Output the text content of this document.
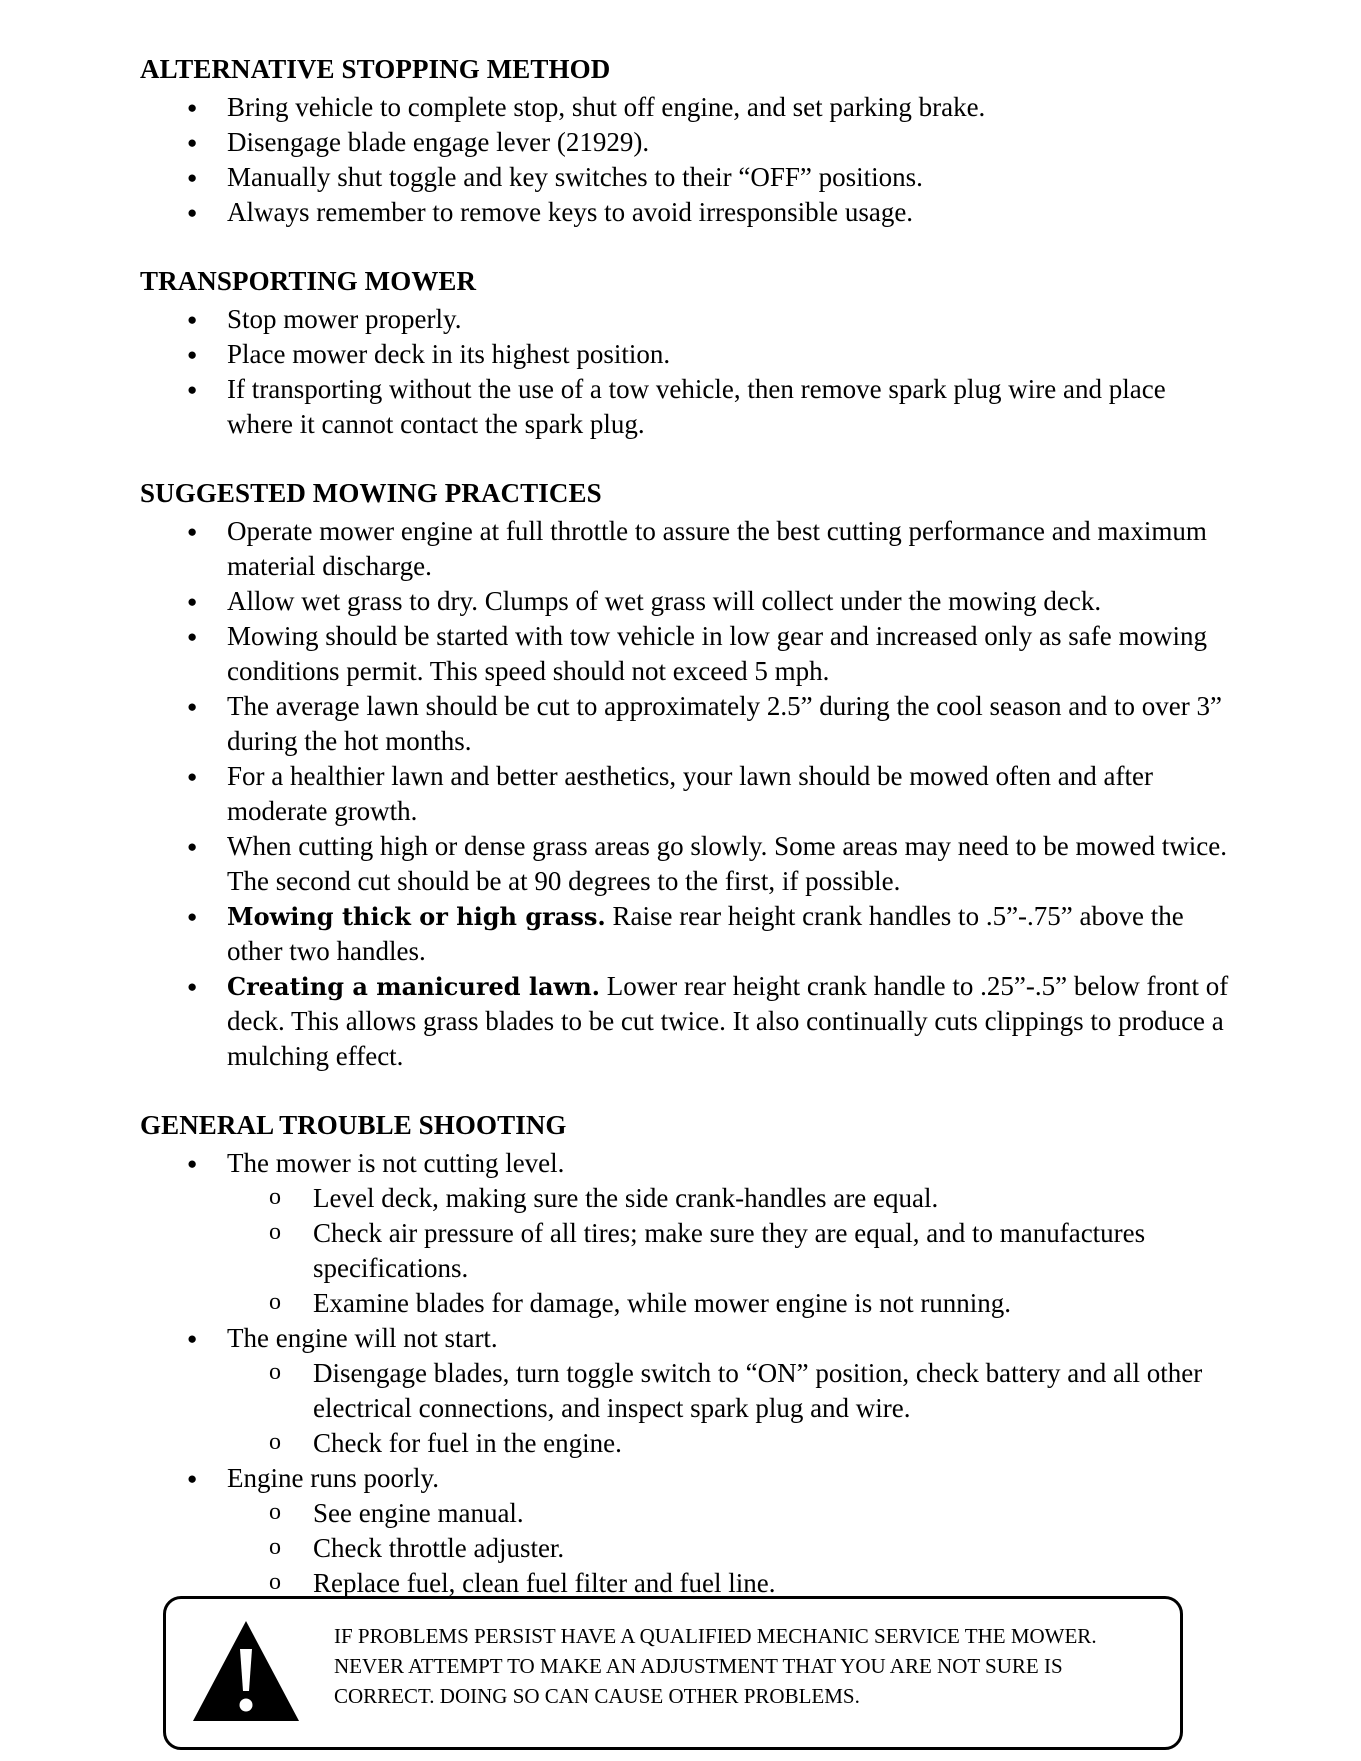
ALTERNATIVE STOPPING METHOD
● Bring vehicle to complete stop, shut off engine, and set parking brake.
● Disengage blade engage lever (21929).
● Manually shut toggle and key switches to their “OFF” positions.
● Always remember to remove keys to avoid irresponsible usage.
TRANSPORTING MOWER
● Stop mower properly.
● Place mower deck in its highest position.
● If transporting without the use of a tow vehicle, then remove spark plug wire and place where it cannot contact the spark plug.
SUGGESTED MOWING PRACTICES
● Operate mower engine at full throttle to assure the best cutting performance and maximum material discharge.
● Allow wet grass to dry. Clumps of wet grass will collect under the mowing deck.
● Mowing should be started with tow vehicle in low gear and increased only as safe mowing conditions permit. This speed should not exceed 5 mph.
● The average lawn should be cut to approximately 2.5” during the cool season and to over 3” during the hot months.
● For a healthier lawn and better aesthetics, your lawn should be mowed often and after moderate growth.
● When cutting high or dense grass areas go slowly. Some areas may need to be mowed twice. The second cut should be at 90 degrees to the first, if possible.
● Mowing thick or high grass. Raise rear height crank handles to .5”-.75” above the other two handles.
● Creating a manicured lawn. Lower rear height crank handle to .25”-.5” below front of deck. This allows grass blades to be cut twice. It also continually cuts clippings to produce a mulching effect.
GENERAL TROUBLE SHOOTING
● The mower is not cutting level.
o Level deck, making sure the side crank-handles are equal.
o Check air pressure of all tires; make sure they are equal, and to manufactures specifications.
o Examine blades for damage, while mower engine is not running.
● The engine will not start.
o Disengage blades, turn toggle switch to “ON” position, check battery and all other electrical connections, and inspect spark plug and wire.
o Check for fuel in the engine.
● Engine runs poorly.
o See engine manual.
o Check throttle adjuster.
o Replace fuel, clean fuel filter and fuel line.
IF PROBLEMS PERSIST HAVE A QUALIFIED MECHANIC SERVICE THE MOWER. NEVER ATTEMPT TO MAKE AN ADJUSTMENT THAT YOU ARE NOT SURE IS CORRECT. DOING SO CAN CAUSE OTHER PROBLEMS.
